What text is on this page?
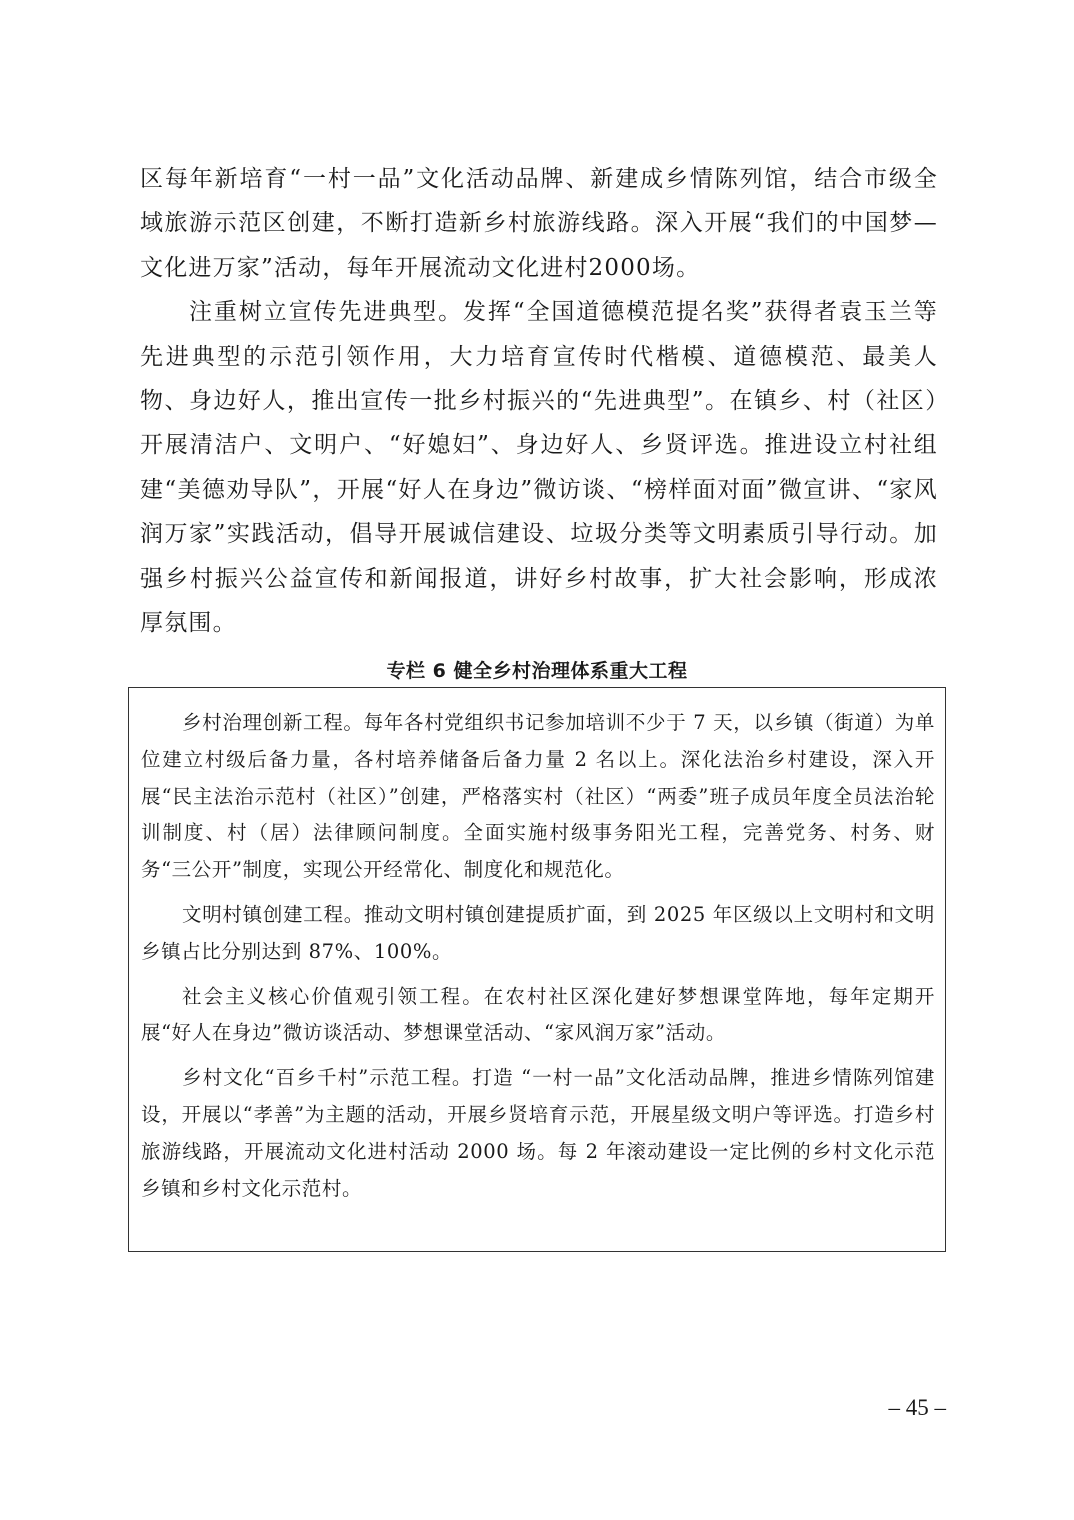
区每年新培育“一村一品”文化活动品牌、新建成乡情陈列馆，结合市级全域旅游示范区创建，不断打造新乡村旅游线路。深入开展“我们的中国梦—文化进万家”活动，每年开展流动文化进村2000场。

注重树立宣传先进典型。发挥“全国道德模范提名奖”获得者袁玉兰等先进典型的示范引领作用，大力培育宣传时代楷模、道德模范、最美人物、身边好人，推出宣传一批乡村振兴的“先进典型”。在镇乡、村（社区）开展清洁户、文明户、“好媳妇”、身边好人、乡贤评选。推进设立村社组建“美德劝导队”，开展“好人在身边”微访谈、“榜样面对面”微宣讲、“家风润万家”实践活动，倡导开展诚信建设、垃圾分类等文明素质引导行动。加强乡村振兴公益宣传和新闻报道，讲好乡村故事，扩大社会影响，形成浓厚氛围。

专栏 6 健全乡村治理体系重大工程

乡村治理创新工程。每年各村党组织书记参加培训不少于 7 天，以乡镇（街道）为单位建立村级后备力量，各村培养储备后备力量 2 名以上。深化法治乡村建设，深入开展“民主法治示范村（社区）”创建，严格落实村（社区）“两委”班子成员年度全员法治轮训制度、村（居）法律顾问制度。全面实施村级事务阳光工程，完善党务、村务、财务“三公开”制度，实现公开经常化、制度化和规范化。

文明村镇创建工程。推动文明村镇创建提质扩面，到 2025 年区级以上文明村和文明乡镇占比分别达到 87%、100%。

社会主义核心价值观引领工程。在农村社区深化建好梦想课堂阵地，每年定期开展“好人在身边”微访谈活动、梦想课堂活动、“家风润万家”活动。

乡村文化“百乡千村”示范工程。打造 “一村一品”文化活动品牌，推进乡情陈列馆建设，开展以“孝善”为主题的活动，开展乡贤培育示范，开展星级文明户等评选。打造乡村旅游线路，开展流动文化进村活动 2000 场。每 2 年滚动建设一定比例的乡村文化示范乡镇和乡村文化示范村。

– 45 –
